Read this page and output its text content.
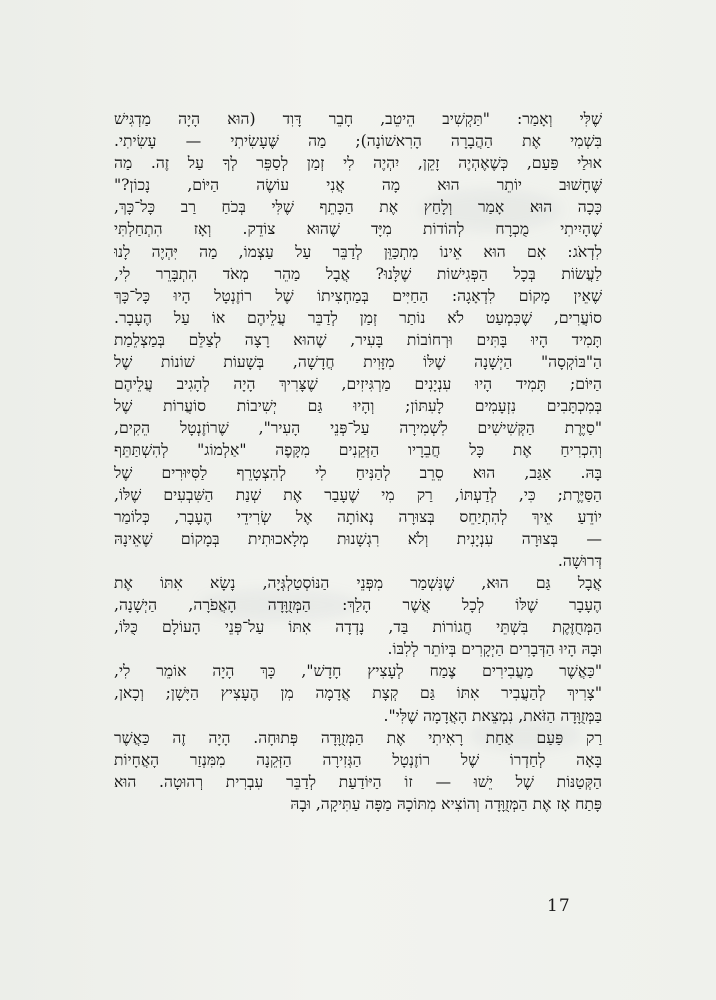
שֶׁלִּי וְאָמַר: "תַּקְשִׁיב הֵיטֵב, חָבֵר דָּוִד (הוּא הָיָה מַדְגִּישׁ
בִּשְׁמִי אֶת הַהֲבָרָה הָרִאשׁוֹנָה); מַה שֶּׁעָשִׂיתִי — עָשִׂיתִי.
אוּלַי פַּעַם, כְּשֶׁאֶהְיֶה זָקֵן, יִהְיֶה לִי זְמַן לְסַפֵּר לְךָ עַל זֶה. מַה
שֶּׁחָשׁוּב יוֹתֵר הוּא מָה אֲנִי עוֹשֶׂה הַיּוֹם, נָכוֹן?"
כָּכָה הוּא אָמַר וְלָחַץ אֶת הַכָּתֵף שֶׁלִּי בְּכֹחַ רַב כָּל־כָּךְ,
שֶׁהָיִיתִי מֻכְרָח לְהוֹדוֹת מִיָּד שֶׁהוּא צוֹדֵק. וְאָז הִתְחַלְתִּי
לִדְאֹג: אִם הוּא אֵינוֹ מִתְכַּוֵּן לְדַבֵּר עַל עַצְמוֹ, מַה יִּהְיֶה לָנוּ
לַעֲשׂוֹת בְּכָל הַפְּגִישׁוֹת שֶׁלָּנוּ? אֲבָל מַהֵר מְאֹד הִתְבָּרֵר לִי,
שֶׁאֵין מָקוֹם לִדְאָגָה: הַחַיִּים בְּמַחְצִיתוֹ שֶׁל רוֹזֶנְטָל הָיוּ כָּל־כָּךְ
סוֹעֲרִים, שֶׁכִּמְעַט לֹא נוֹתַר זְמַן לְדַבֵּר עֲלֵיהֶם אוֹ עַל הֶעָבָר.
תָּמִיד הָיוּ בָּתִּים וּרְחוֹבוֹת בָּעִיר, שֶׁהוּא רָצָה לְצַלֵּם בְּמַצְלֵמַת
הַ"בּוֹקְסָה" הַיְשָׁנָה שֶׁלּוֹ מִזָּוִית חֲדָשָׁה, בְּשָׁעוֹת שׁוֹנוֹת שֶׁל
הַיּוֹם; תָּמִיד הָיוּ עִנְיָנִים מַרְגִּיזִים, שֶׁצָּרִיךְ הָיָה לְהָגִיב עֲלֵיהֶם
בְּמִכְתָּבִים נִזְעָמִים לָעִתּוֹן; וְהָיוּ גַּם יְשִׁיבוֹת סוֹעֲרוֹת שֶׁל
"סַיֶּרֶת הַקְּשִׁישִׁים לִשְׁמִירָה עַל־פְּנֵי הָעִיר", שֶׁרוֹזֶנְטָל הֵקִים,
וְהִכְרִיחַ אֶת כָּל חֲבֵרָיו הַזְּקֵנִים מִקָּפֶה "אַלְמוֹג" לְהִשְׁתַּתֵּף
בָּהּ. אַגַּב, הוּא סֵרֵב לְהַנִּיחַ לִי לְהִצְטָרֵף לַסִּיּוּרִים שֶׁל
הַסַּיֶּרֶת; כִּי, לְדַעְתּוֹ, רַק מִי שֶׁעָבַר אֶת שְׁנַת הַשִּׁבְעִים שֶׁלּוֹ,
יוֹדֵעַ אֵיךְ לְהִתְיַחֵס בְּצוּרָה נְאוֹתָה אֶל שְׂרִידֵי הֶעָבָר, כְּלוֹמַר
— בְּצוּרָה עִנְיָנִית וְלֹא רִגְשָׁנוּת מְלָאכוּתִית בְּמָקוֹם שֶׁאֵינָהּ
דְּרוּשָׁה.
אֲבָל גַּם הוּא, שֶׁנִּשְׁמַר מִפְּנֵי הַנּוֹסְטַלְגְּיָה, נָשָׂא אִתּוֹ אֶת
הֶעָבָר שֶׁלּוֹ לְכָל אֲשֶׁר הָלַךְ: הַמְּזֻוָּדָה הָאֲפֹרָה, הַיְשָׁנָה,
הַמְּחֻזֶּקֶת בִּשְׁתֵּי חֲגוֹרוֹת בַּד, נָדְדָה אִתּוֹ עַל־פְּנֵי הָעוֹלָם כֻּלּוֹ,
וּבָהּ הָיוּ הַדְּבָרִים הַיְקָרִים בְּיוֹתֵר לְלִבּוֹ.
"כַּאֲשֶׁר מַעֲבִירִים צֶמַח לְעָצִיץ חָדָשׁ", כָּךְ הָיָה אוֹמֵר לִי,
"צָרִיךְ לְהַעֲבִיר אִתּוֹ גַּם קְצָת אֲדָמָה מִן הֶעָצִיץ הַיָּשָׁן; וְכָאן,
בַּמְּזֻוָּדָה הַזֹּאת, נִמְצֵאת הָאֲדָמָה שֶׁלִּי".
רַק פַּעַם אַחַת רָאִיתִי אֶת הַמְּזֻוָּדָה פְּתוּחָה. הָיָה זֶה כַּאֲשֶׁר
בָּאָה לְחַדְרוֹ שֶׁל רוֹזֶנְטָל הַגְּזִירָה הַזְּקֵנָה מִמִּנְזַר הָאֲחָיוֹת
הַקְּטַנּוֹת שֶׁל יֵשׁוּ — זוֹ הַיּוֹדַעַת לְדַבֵּר עִבְרִית רְהוּטָה. הוּא
פָּתַח אָז אֶת הַמְּזֻוָּדָה וְהוֹצִיא מִתּוֹכָהּ מַפָּה עַתִּיקָה, וּבָהּ
17
